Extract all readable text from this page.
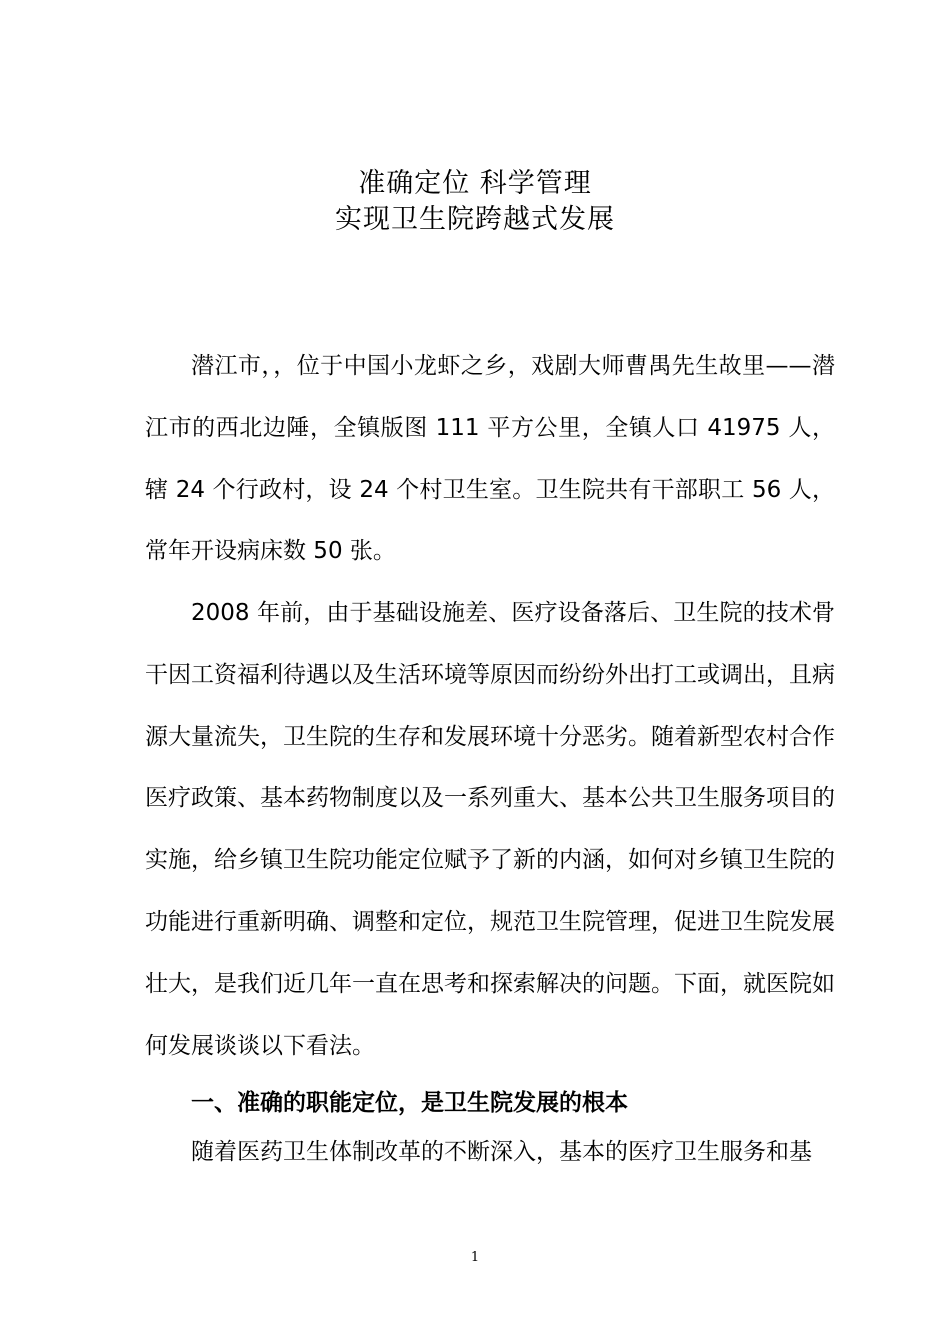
准确定位 科学管理
实现卫生院跨越式发展

潜江市，，位于中国小龙虾之乡，戏剧大师曹禺先生故里——潜江市的西北边陲，全镇版图 111 平方公里，全镇人口 41975 人，辖 24 个行政村，设 24 个村卫生室。卫生院共有干部职工 56 人，常年开设病床数 50 张。

2008 年前，由于基础设施差、医疗设备落后、卫生院的技术骨干因工资福利待遇以及生活环境等原因而纷纷外出打工或调出，且病源大量流失，卫生院的生存和发展环境十分恶劣。随着新型农村合作医疗政策、基本药物制度以及一系列重大、基本公共卫生服务项目的实施，给乡镇卫生院功能定位赋予了新的内涵，如何对乡镇卫生院的功能进行重新明确、调整和定位，规范卫生院管理，促进卫生院发展壮大，是我们近几年一直在思考和探索解决的问题。下面，就医院如何发展谈谈以下看法。

一、准确的职能定位，是卫生院发展的根本

随着医药卫生体制改革的不断深入，基本的医疗卫生服务和基

1
